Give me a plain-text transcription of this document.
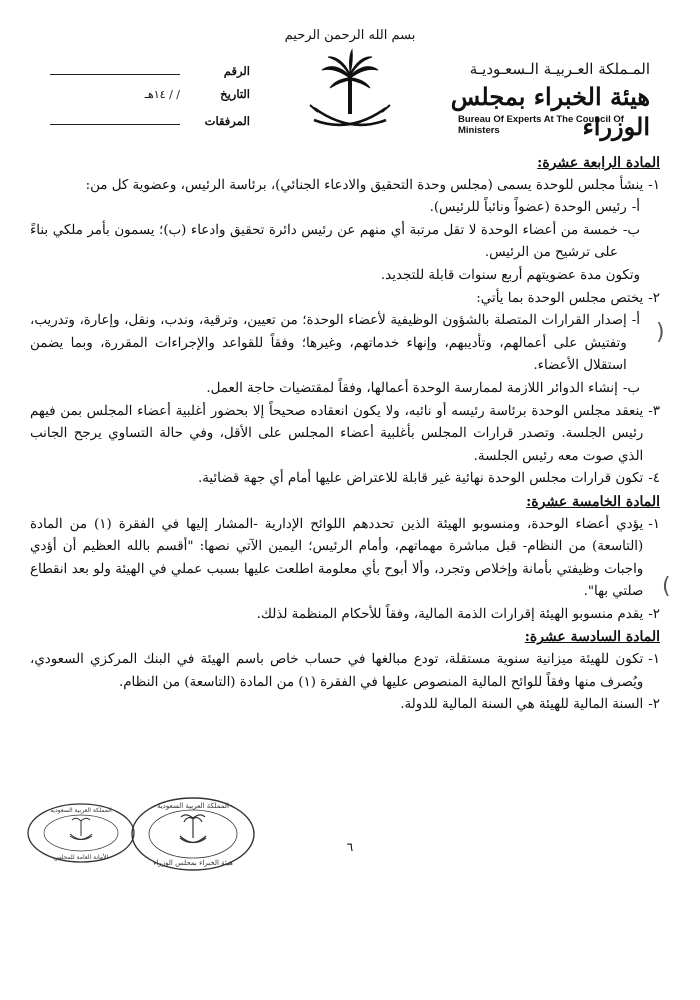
بسم الله الرحمن الرحيم
المـملكة العـربيـة الـسعـوديـة
هيئة الخبراء بمجلس الوزراء
Bureau Of Experts At The Council Of Ministers
الرقم
التاريخ
/ / ١٤هـ
المرفقات
المادة الرابعة عشرة:
١-
ينشأ مجلس للوحدة يسمى (مجلس وحدة التحقيق والادعاء الجنائي)، برئاسة الرئيس، وعضوية كل من:
أ-
رئيس الوحدة (عضواً ونائباً للرئيس).
ب-
خمسة من أعضاء الوحدة لا تقل مرتبة أي منهم عن رئيس دائرة تحقيق وادعاء (ب)؛ يسمون بأمر ملكي بناءً على ترشيح من الرئيس.
وتكون مدة عضويتهم أربع سنوات قابلة للتجديد.
٢-
يختص مجلس الوحدة بما يأتي:
أ-
إصدار القرارات المتصلة بالشؤون الوظيفية لأعضاء الوحدة؛ من تعيين، وترقية، وندب، ونقل، وإعارة، وتدريب، وتفتيش على أعمالهم، وتأديبهم، وإنهاء خدماتهم، وغيرها؛ وفقاً للقواعد والإجراءات المقررة، وبما يضمن استقلال الأعضاء.
ب-
إنشاء الدوائر اللازمة لممارسة الوحدة أعمالها، وفقاً لمقتضيات حاجة العمل.
٣-
ينعقد مجلس الوحدة برئاسة رئيسه أو نائبه، ولا يكون انعقاده صحيحاً إلا بحضور أغلبية أعضاء المجلس بمن فيهم رئيس الجلسة. وتصدر قرارات المجلس بأغلبية أعضاء المجلس على الأقل، وفي حالة التساوي يرجح الجانب الذي صوت معه رئيس الجلسة.
٤-
تكون قرارات مجلس الوحدة نهائية غير قابلة للاعتراض عليها أمام أي جهة قضائية.
المادة الخامسة عشرة:
١-
يؤدي أعضاء الوحدة، ومنسوبو الهيئة الذين تحددهم اللوائح الإدارية -المشار إليها في الفقرة (١) من المادة (التاسعة) من النظام- قبل مباشرة مهماتهم، وأمام الرئيس؛ اليمين الآتي نصها: "أقسم بالله العظيم أن أؤدي واجبات وظيفتي بأمانة وإخلاص وتجرد، وألا أبوح بأي معلومة اطلعت عليها بسبب عملي في الهيئة ولو بعد انقطاع صلتي بها".
٢-
يقدم منسوبو الهيئة إقرارات الذمة المالية، وفقاً للأحكام المنظمة لذلك.
المادة السادسة عشرة:
١-
تكون للهيئة ميزانية سنوية مستقلة، تودع مبالغها في حساب خاص باسم الهيئة في البنك المركزي السعودي، ويُصرف منها وفقاً للوائح المالية المنصوص عليها في الفقرة (١) من المادة (التاسعة) من النظام.
٢-
السنة المالية للهيئة هي السنة المالية للدولة.
٦
(
)
المملكة العربية السعودية
هيئة الخبراء بمجلس الوزراء
المملكة العربية السعودية
الأمانة العامة للمجلس
